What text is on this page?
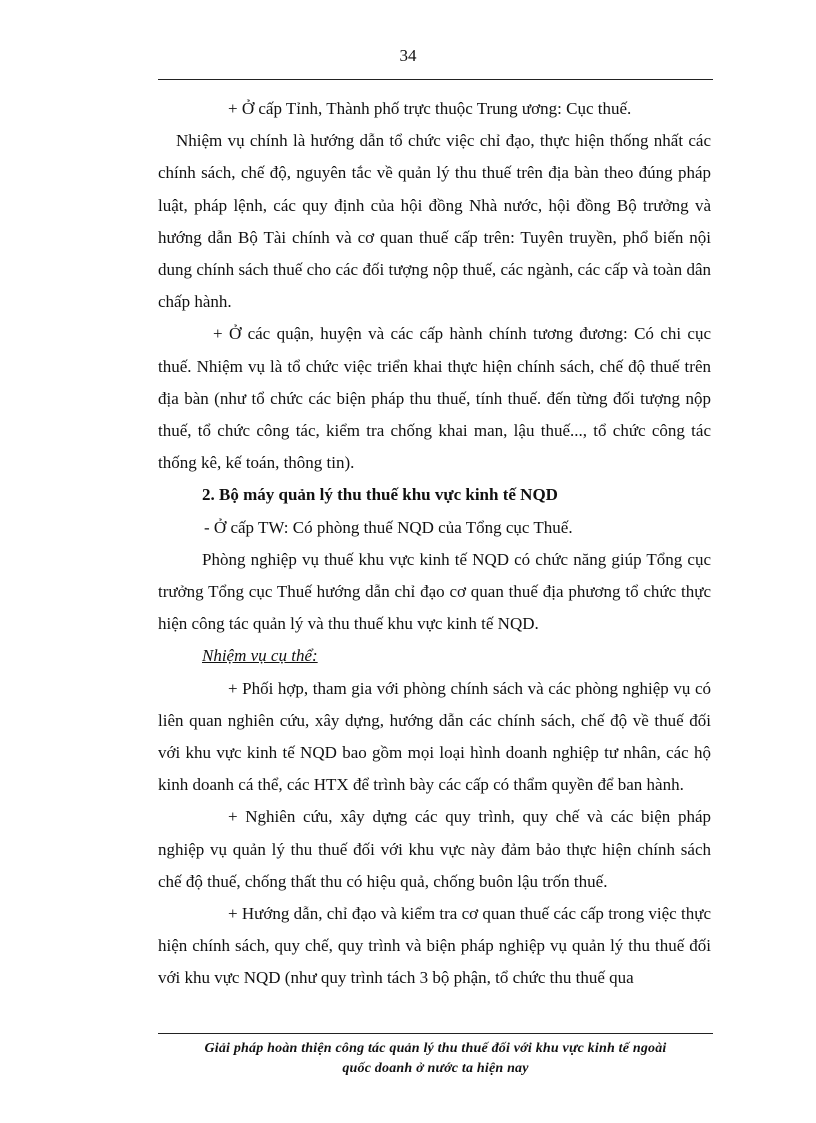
34

+ Ở cấp Tỉnh, Thành phố trực thuộc Trung ương: Cục thuế.

Nhiệm vụ chính là hướng dẫn tổ chức việc chỉ đạo, thực hiện thống nhất các chính sách, chế độ, nguyên tắc về quản lý thu thuế trên địa bàn theo đúng pháp luật, pháp lệnh, các quy định của hội đồng Nhà nước, hội đồng Bộ trưởng và hướng dẫn Bộ Tài chính và cơ quan thuế cấp trên: Tuyên truyền, phổ biến nội dung chính sách thuế cho các đối tượng nộp thuế, các ngành, các cấp và toàn dân chấp hành.

+ Ở các quận, huyện và các cấp hành chính tương đương: Có chi cục thuế. Nhiệm vụ là tổ chức việc triển khai thực hiện chính sách, chế độ thuế trên địa bàn (như tổ chức các biện pháp thu thuế, tính thuế. đến từng đối tượng nộp thuế, tổ chức công tác, kiểm tra chống khai man, lậu thuế..., tổ chức công tác thống kê, kế toán, thông tin).

2. Bộ máy quản lý thu thuế khu vực kinh tế NQD

- Ở cấp TW: Có phòng thuế NQD của Tổng cục Thuế.

Phòng nghiệp vụ thuế khu vực kinh tế NQD có chức năng giúp Tổng cục trưởng Tổng cục Thuế hướng dẫn chỉ đạo cơ quan thuế địa phương tổ chức thực hiện công tác quản lý và thu thuế khu vực kinh tế NQD.

Nhiệm vụ cụ thể:

+ Phối hợp, tham gia với phòng chính sách và các phòng nghiệp vụ có liên quan nghiên cứu, xây dựng, hướng dẫn các chính sách, chế độ về thuế đối với khu vực kinh tế NQD bao gồm mọi loại hình doanh nghiệp tư nhân, các hộ kinh doanh cá thể, các HTX để trình bày các cấp có thẩm quyền để ban hành.

+ Nghiên cứu, xây dựng các quy trình, quy chế và các biện pháp nghiệp vụ quản lý thu thuế đối với khu vực này đảm bảo thực hiện chính sách chế độ thuế, chống thất thu có hiệu quả, chống buôn lậu trốn thuế.

+ Hướng dẫn, chỉ đạo và kiểm tra cơ quan thuế các cấp trong việc thực hiện chính sách, quy chế, quy trình và biện pháp nghiệp vụ quản lý thu thuế đối với khu vực NQD (như quy trình tách 3 bộ phận, tổ chức thu thuế qua

Giải pháp hoàn thiện công tác quản lý thu thuế đối với khu vực kinh tế ngoài
quốc doanh ở nước ta hiện nay
